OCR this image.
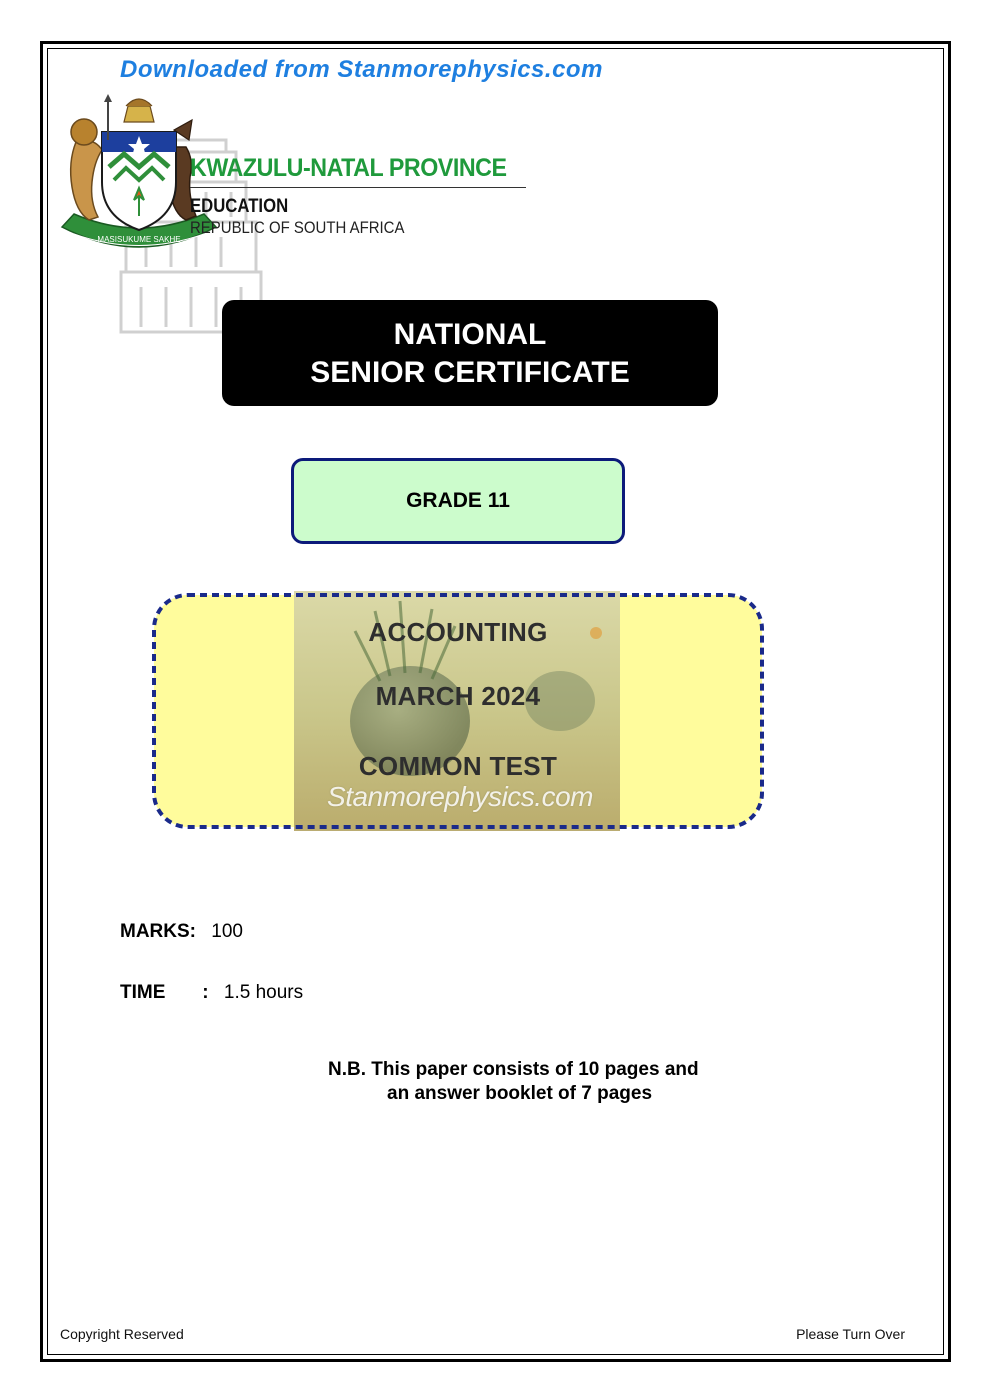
Downloaded from Stanmorephysics.com
MASISUKUME SAKHE
KWAZULU-NATAL PROVINCE
EDUCATION
REPUBLIC OF SOUTH AFRICA
NATIONAL
SENIOR CERTIFICATE
GRADE 11
ACCOUNTING
MARCH 2024
COMMON TEST
Stanmorephysics.com
MARKS: 100
TIME : 1.5 hours
N.B. This paper consists of 10 pages and
an answer booklet of 7 pages
Copyright Reserved	Please Turn Over
